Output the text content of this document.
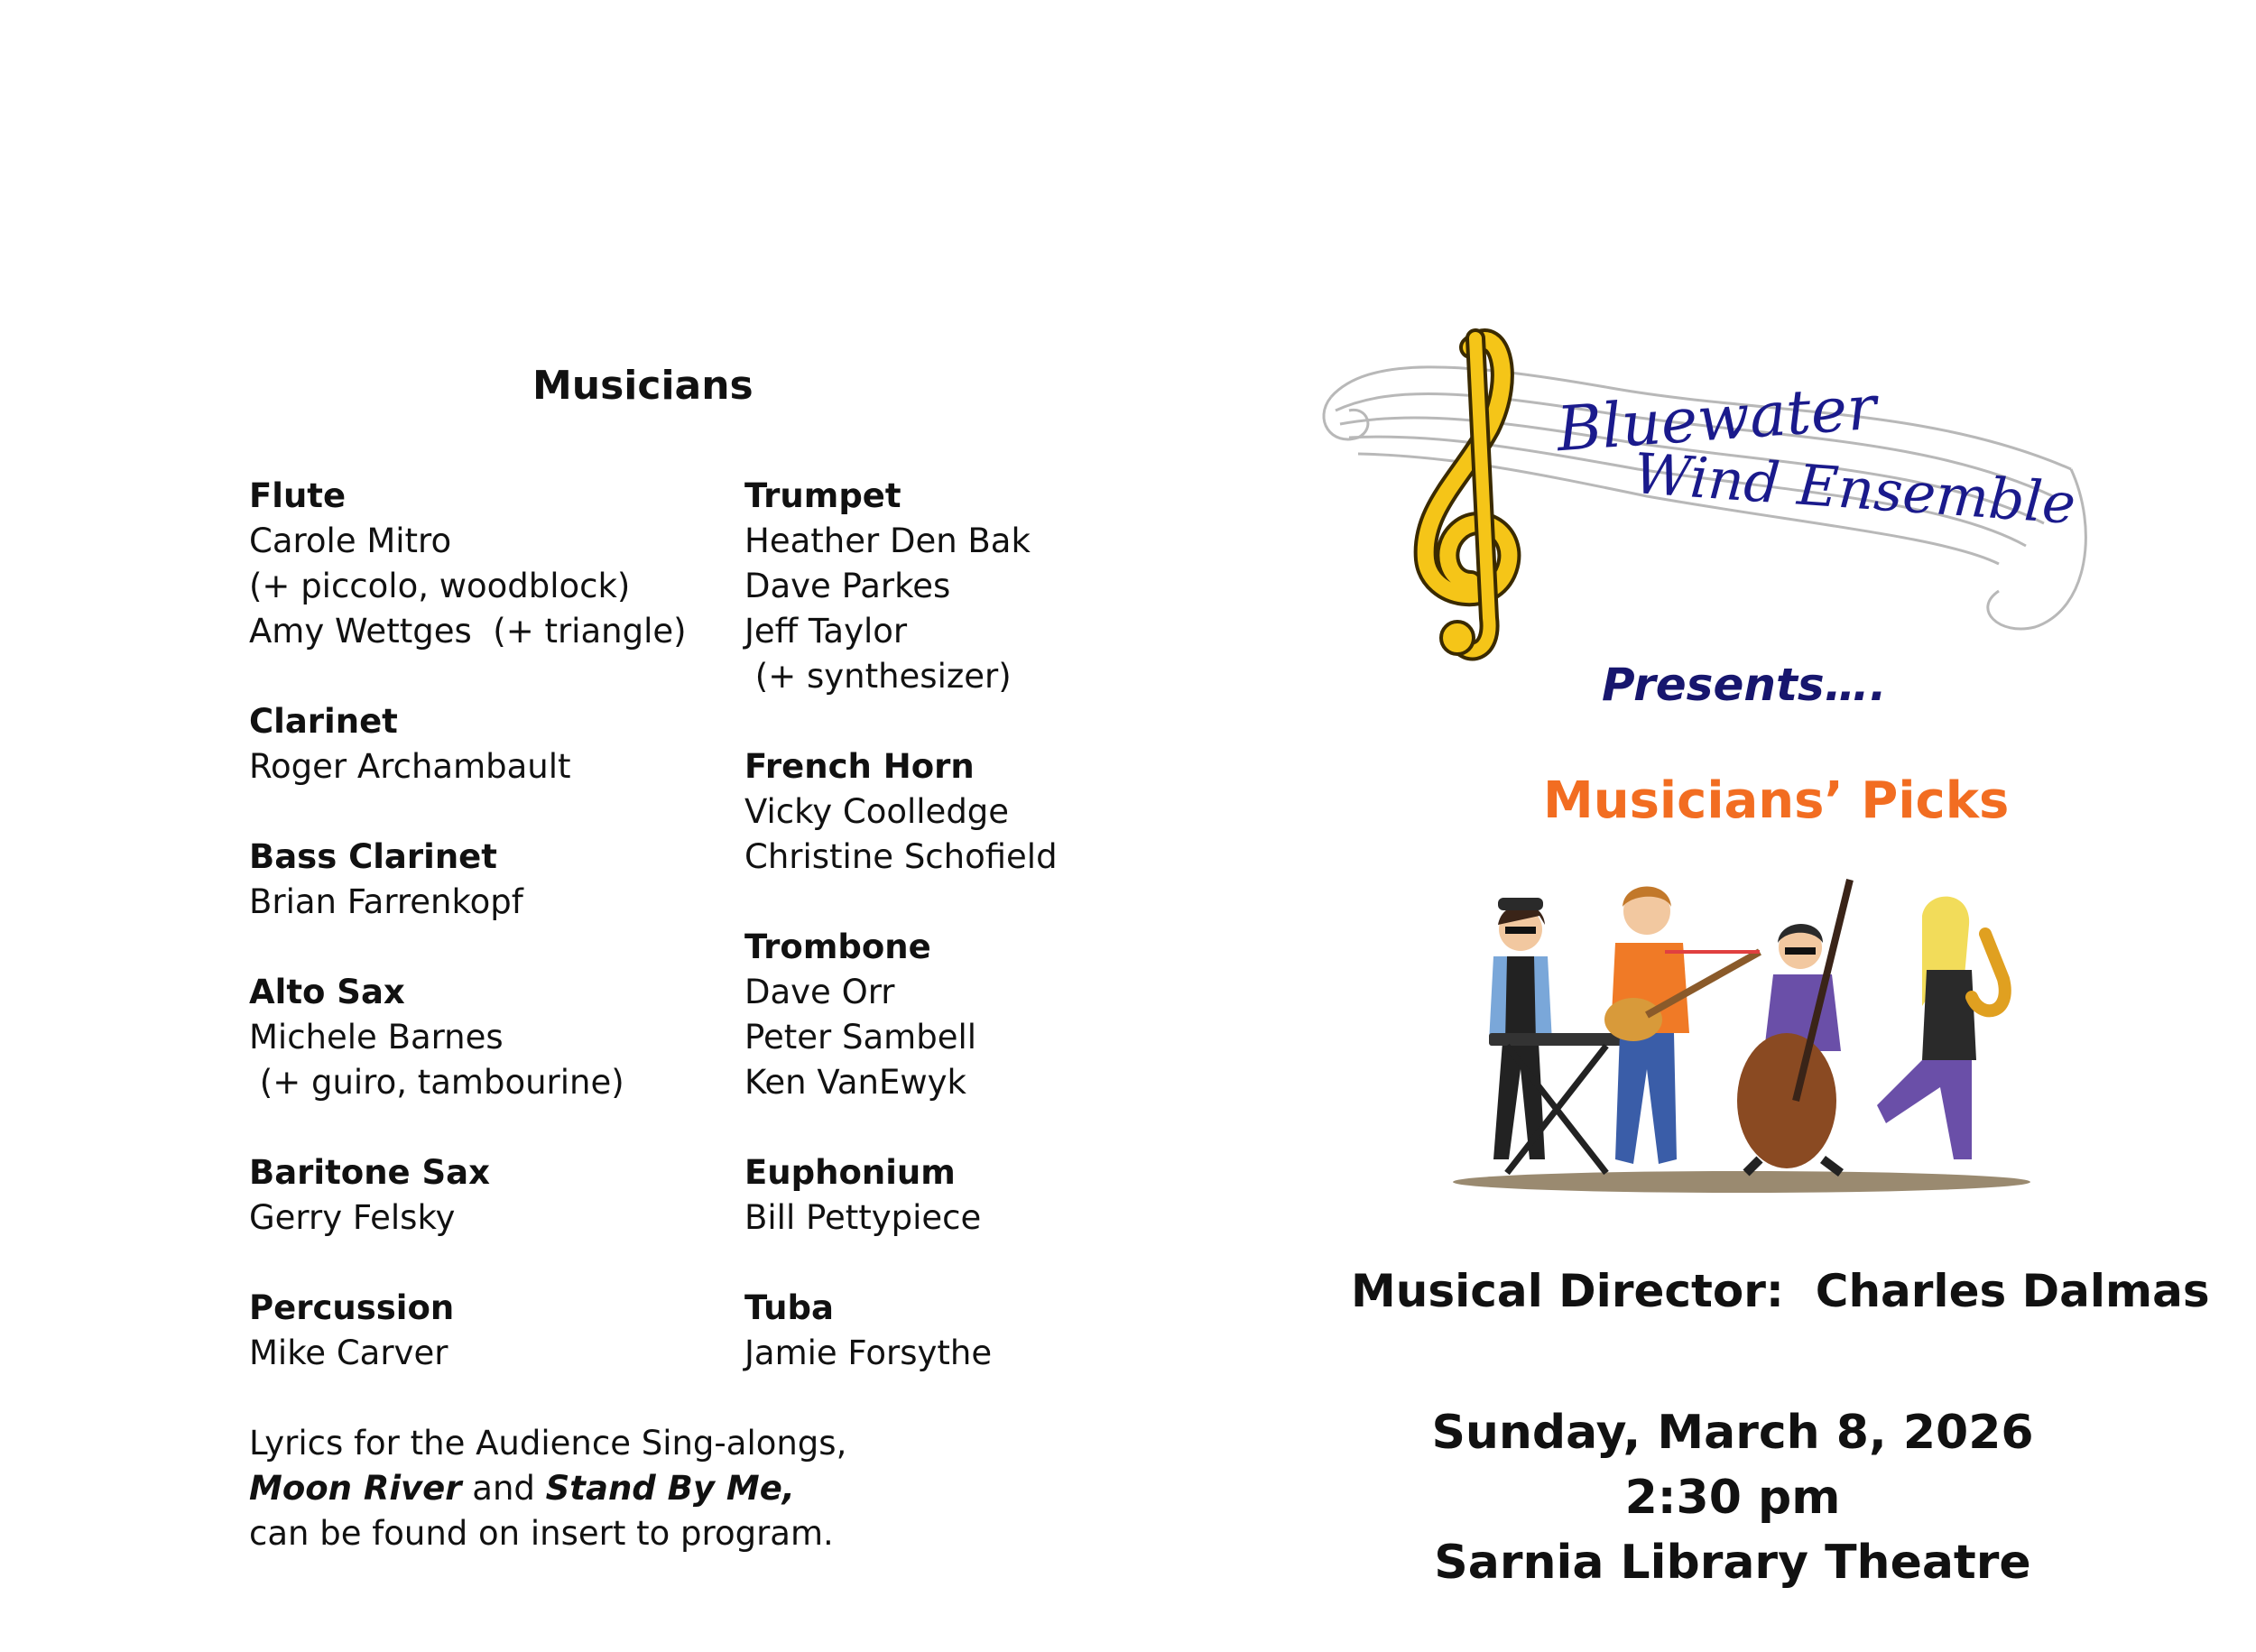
Musicians
Flute
Carole Mitro
(+ piccolo, woodblock)
Amy Wettges  (+ triangle)
Clarinet
Roger Archambault
Bass Clarinet
Brian Farrenkopf
Alto Sax
Michele Barnes
(+ guiro, tambourine)
Baritone Sax
Gerry Felsky
Percussion
Mike Carver
Trumpet
Heather Den Bak
Dave Parkes
Jeff Taylor
(+ synthesizer)
French Horn
Vicky Coolledge
Christine Schofield
Trombone
Dave Orr
Peter Sambell
Ken VanEwyk
Euphonium
Bill Pettypiece
Tuba
Jamie Forsythe
Lyrics for the Audience Sing-alongs,
Moon River and Stand By Me,
can be found on insert to program.
Bluewater
Wind Ensemble
Presents….
Musicians’ Picks
Musical Director:  Charles Dalmas
Sunday, March 8, 2026
2:30 pm
Sarnia Library Theatre
